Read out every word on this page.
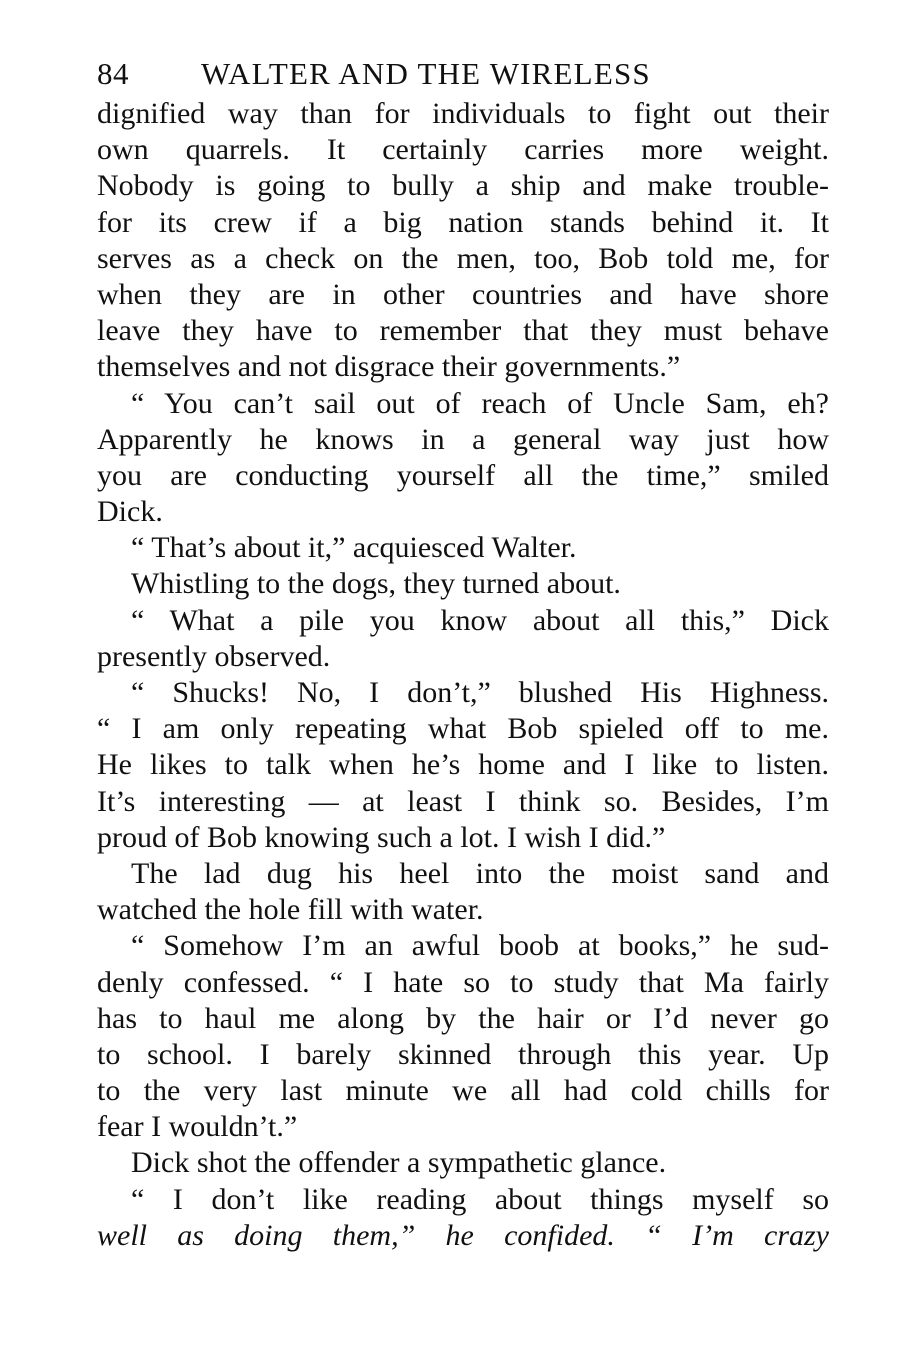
84 WALTER AND THE WIRELESS
dignified way than for individuals to fight out their
own quarrels. It certainly carries more weight.
Nobody is going to bully a ship and make trouble-
for its crew if a big nation stands behind it. It
serves as a check on the men, too, Bob told me, for
when they are in other countries and have shore
leave they have to remember that they must behave
themselves and not disgrace their governments.”
“ You can’t sail out of reach of Uncle Sam, eh?
Apparently he knows in a general way just how
you are conducting yourself all the time,” smiled
Dick.
“ That’s about it,” acquiesced Walter.
Whistling to the dogs, they turned about.
“ What a pile you know about all this,” Dick
presently observed.
“ Shucks! No, I don’t,” blushed His Highness.
“ I am only repeating what Bob spieled off to me.
He likes to talk when he’s home and I like to listen.
It’s interesting — at least I think so. Besides, I’m
proud of Bob knowing such a lot. I wish I did.”
The lad dug his heel into the moist sand and
watched the hole fill with water.
“ Somehow I’m an awful boob at books,” he sud-
denly confessed. “ I hate so to study that Ma fairly
has to haul me along by the hair or I’d never go
to school. I barely skinned through this year. Up
to the very last minute we all had cold chills for
fear I wouldn’t.”
Dick shot the offender a sympathetic glance.
“ I don’t like reading about things myself so
well as doing them,” he confided. “ I’m crazy
